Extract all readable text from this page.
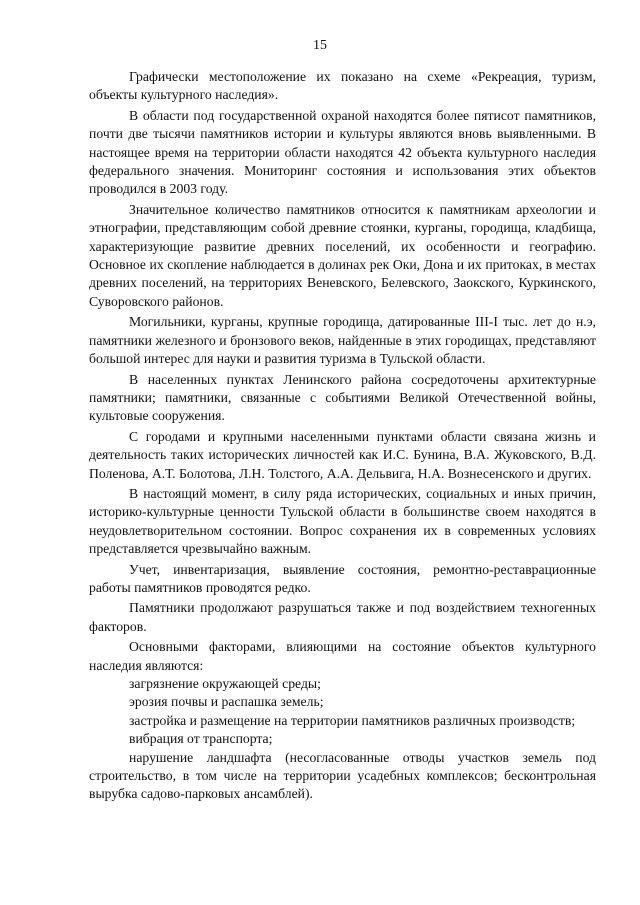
15

Графически местоположение их показано на схеме «Рекреация, туризм, объекты культурного наследия».

В области под государственной охраной находятся более пятисот памятников, почти две тысячи памятников истории и культуры являются вновь выявленными. В настоящее время на территории области находятся 42 объекта культурного наследия федерального значения. Мониторинг состояния и использования этих объектов проводился в 2003 году.

Значительное количество памятников относится к памятникам археологии и этнографии, представляющим собой древние стоянки, курганы, городища, кладбища, характеризующие развитие древних поселений, их особенности и географию. Основное их скопление наблюдается в долинах рек Оки, Дона и их притоках, в местах древних поселений, на территориях Веневского, Белевского, Заокского, Куркинского, Суворовского районов.

Могильники, курганы, крупные городища, датированные III-I тыс. лет до н.э, памятники железного и бронзового веков, найденные в этих городищах, представляют большой интерес для науки и развития туризма в Тульской области.

В населенных пунктах Ленинского района сосредоточены архитектурные памятники; памятники, связанные с событиями Великой Отечественной войны, культовые сооружения.

С городами и крупными населенными пунктами области связана жизнь и деятельность таких исторических личностей как И.С. Бунина, В.А. Жуковского, В.Д. Поленова, А.Т. Болотова, Л.Н. Толстого, А.А. Дельвига, Н.А. Вознесенского и других.

В настоящий момент, в силу ряда исторических, социальных и иных причин, историко-культурные ценности Тульской области в большинстве своем находятся в неудовлетворительном состоянии. Вопрос сохранения их в современных условиях представляется чрезвычайно важным.

Учет, инвентаризация, выявление состояния, ремонтно-реставрационные работы памятников проводятся редко.

Памятники продолжают разрушаться также и под воздействием техногенных факторов.

Основными факторами, влияющими на состояние объектов культурного наследия являются:

загрязнение окружающей среды;

эрозия почвы и распашка земель;

застройка и размещение на территории памятников различных производств;

вибрация от транспорта;

нарушение ландшафта (несогласованные отводы участков земель под строительство, в том числе на территории усадебных комплексов; бесконтрольная вырубка садово-парковых ансамблей).
